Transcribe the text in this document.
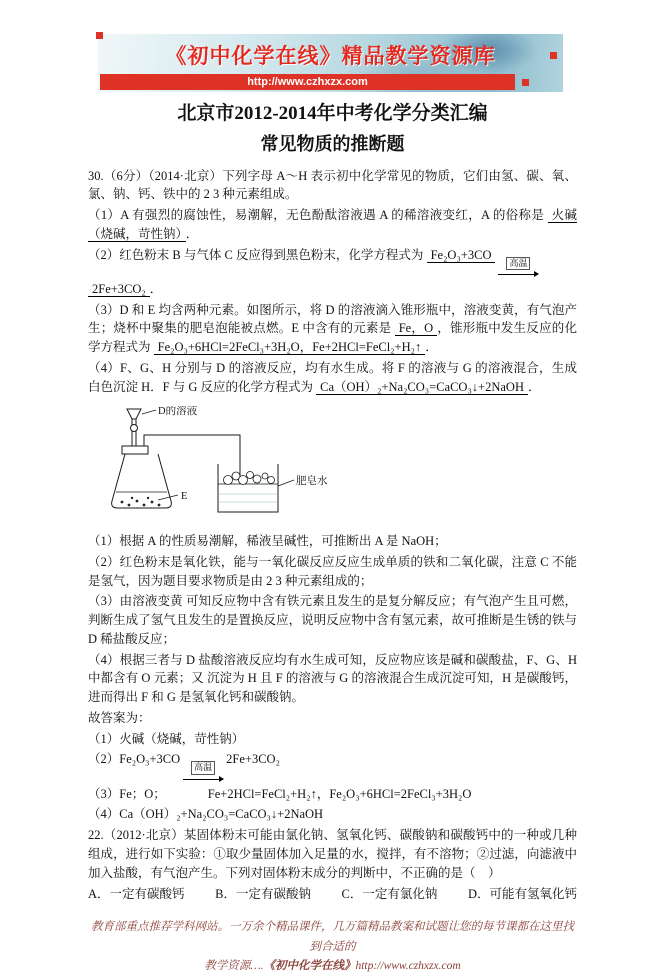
《初中化学在线》精品教学资源库
http://www.czhxzx.com
北京市2012-2014年中考化学分类汇编
常见物质的推断题

30.（6分）（2014·北京）下列字母 A～H 表示初中化学常见的物质，它们由氢、碳、氧、氯、钠、钙、铁中的 2 3 种元素组成。

（1）A 有强烈的腐蚀性，易潮解，无色酚酞溶液遇 A 的稀溶液变红，A 的俗称是 火碱（烧碱，苛性钠） ．

（2）红色粉末 B 与气体 C 反应得到黑色粉末，化学方程式为 Fe₂O₃+3CO
高温

2Fe+3CO₂ ．

（3）D 和 E 均含两种元素。如图所示，将 D 的溶液滴入锥形瓶中，溶液变黄，有气泡产生；烧杯中聚集的肥皂泡能被点燃。E 中含有的元素是 Fe，O ，锥形瓶中发生反应的化学方程式为 Fe₂O₃+6HCl=2FeCl₃+3H₂O，Fe+2HCl=FeCl₂+H₂↑ ．

（4）F、G、H 分别与 D 的溶液反应，均有水生成。将 F 的溶液与 G 的溶液混合，生成白色沉淀 H．F 与 G 反应的化学方程式为 Ca（OH）₂+Na₂CO₃=CaCO₃↓+2NaOH ．

D的溶液
E
肥皂水

（1）根据 A 的性质易潮解，稀液呈碱性，可推断出 A 是 NaOH；

（2）红色粉末是氧化铁，能与一氧化碳反应反应生成单质的铁和二氧化碳，注意 C 不能是氢气，因为题目要求物质是由 2 3 种元素组成的；

（3）由溶液变黄 可知反应物中含有铁元素且发生的是复分解反应；有气泡产生且可燃，判断生成了氢气且发生的是置换反应，说明反应物中含有氢元素，故可推断是生锈的铁与 D 稀盐酸反应；

（4）根据三者与 D 盐酸溶液反应均有水生成可知，反应物应该是碱和碳酸盐，F、G、H 中都含有 O 元素；又 沉淀为 H 且 F 的溶液与 G 的溶液混合生成沉淀可知，H 是碳酸钙，进而得出 F 和 G 是氢氧化钙和碳酸钠。

故答案为：

（1）火碱（烧碱，苛性钠）

（2）Fe₂O₃+3CO
高温
2Fe+3CO₂

（3）Fe；O；	Fe+2HCl=FeCl₂+H₂↑，Fe₂O₃+6HCl=2FeCl₃+3H₂O

（4）Ca（OH）₂+Na₂CO₃=CaCO₃↓+2NaOH

22.（2012·北京）某固体粉末可能由氯化钠、氢氧化钙、碳酸钠和碳酸钙中的一种或几种组成，进行如下实验：①取少量固体加入足量的水，搅拌，有不溶物；②过滤，向滤液中加入盐酸，有气泡产生。下列对固体粉末成分的判断中，不正确的是（　）

A．一定有碳酸钙 B．一定有碳酸钠 C．一定有氯化钠 D．可能有氢氧化钙
教育部重点推荐学科网站。一万余个精品课件，几万篇精品教案和试题让您的每节课都在这里找到合适的
教学资源….《初中化学在线》http://www.czhxzx.com
